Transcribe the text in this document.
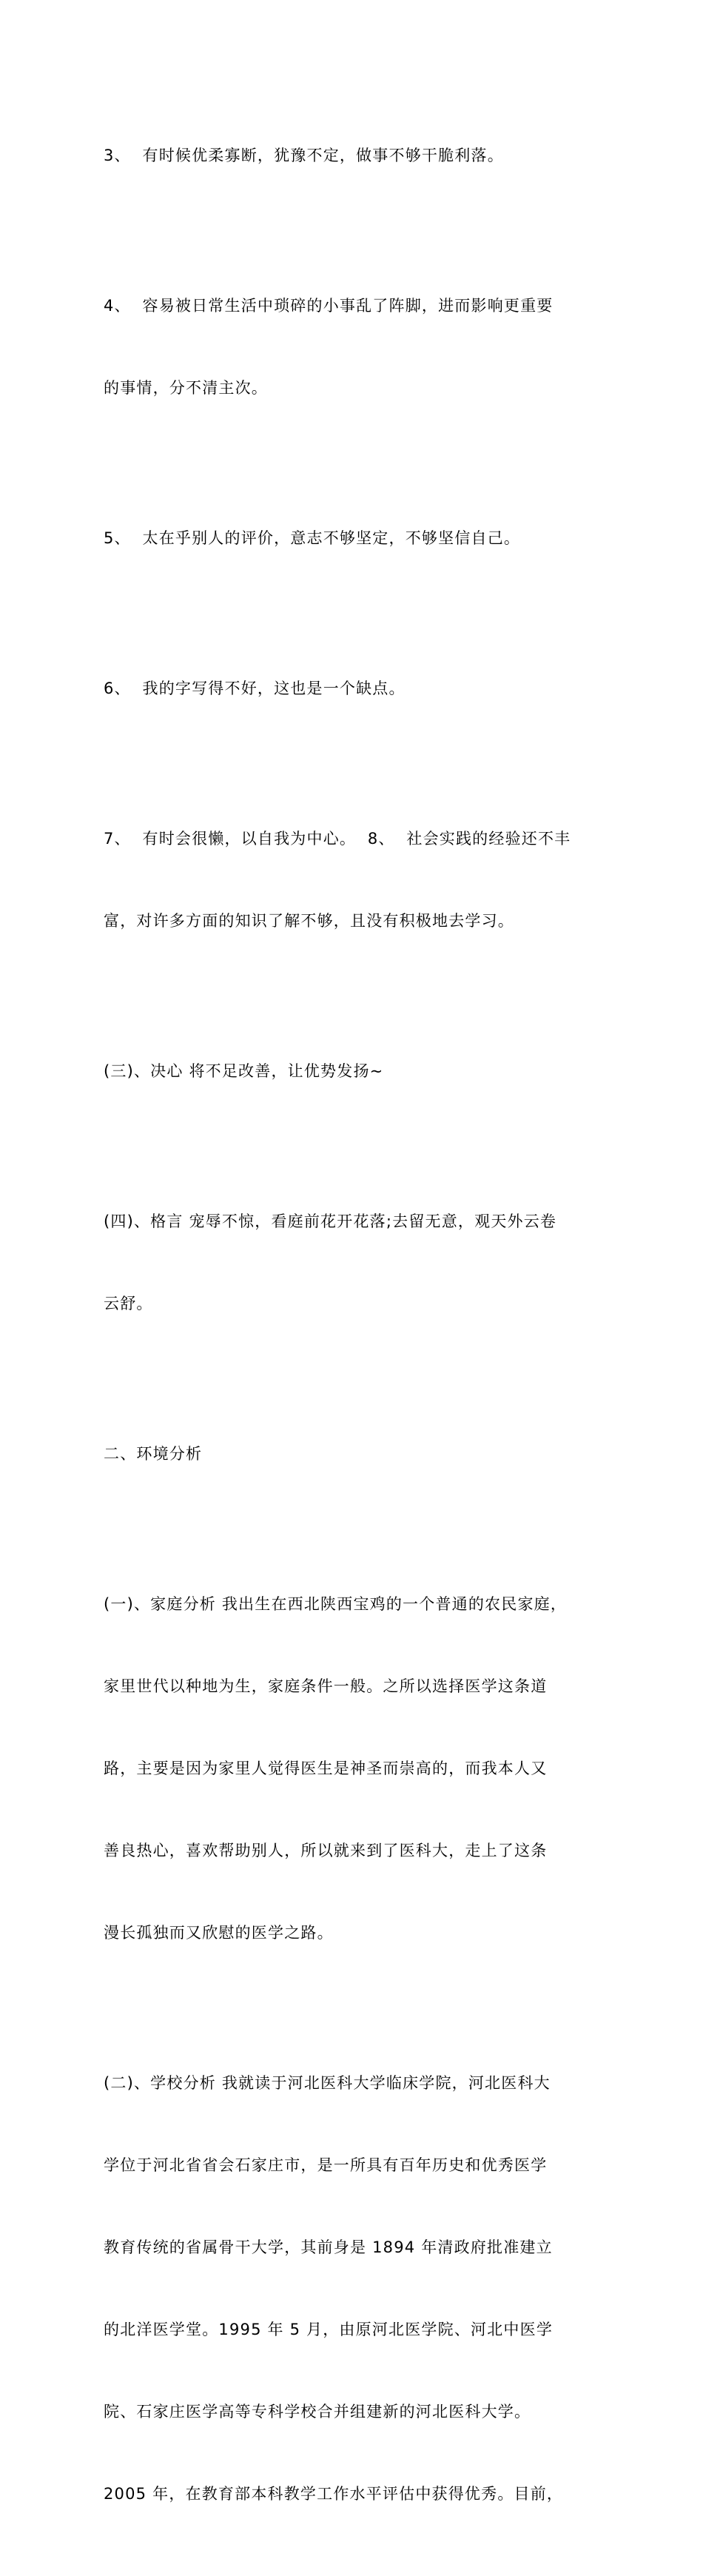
3、  有时候优柔寡断，犹豫不定，做事不够干脆利落。

4、  容易被日常生活中琐碎的小事乱了阵脚，进而影响更重要

的事情，分不清主次。

5、  太在乎别人的评价，意志不够坚定，不够坚信自己。

6、  我的字写得不好，这也是一个缺点。

7、  有时会很懒，以自我为中心。  8、  社会实践的经验还不丰

富，对许多方面的知识了解不够，且没有积极地去学习。

(三)、决心 将不足改善，让优势发扬~

(四)、格言 宠辱不惊，看庭前花开花落;去留无意，观天外云卷

云舒。

二、环境分析

(一)、家庭分析 我出生在西北陕西宝鸡的一个普通的农民家庭，

家里世代以种地为生，家庭条件一般。之所以选择医学这条道

路，主要是因为家里人觉得医生是神圣而崇高的，而我本人又

善良热心，喜欢帮助别人，所以就来到了医科大，走上了这条

漫长孤独而又欣慰的医学之路。

(二)、学校分析 我就读于河北医科大学临床学院，河北医科大

学位于河北省省会石家庄市，是一所具有百年历史和优秀医学

教育传统的省属骨干大学，其前身是 1894 年清政府批准建立

的北洋医学堂。1995 年 5 月，由原河北医学院、河北中医学

院、石家庄医学高等专科学校合并组建新的河北医科大学。

2005 年，在教育部本科教学工作水平评估中获得优秀。目前，
